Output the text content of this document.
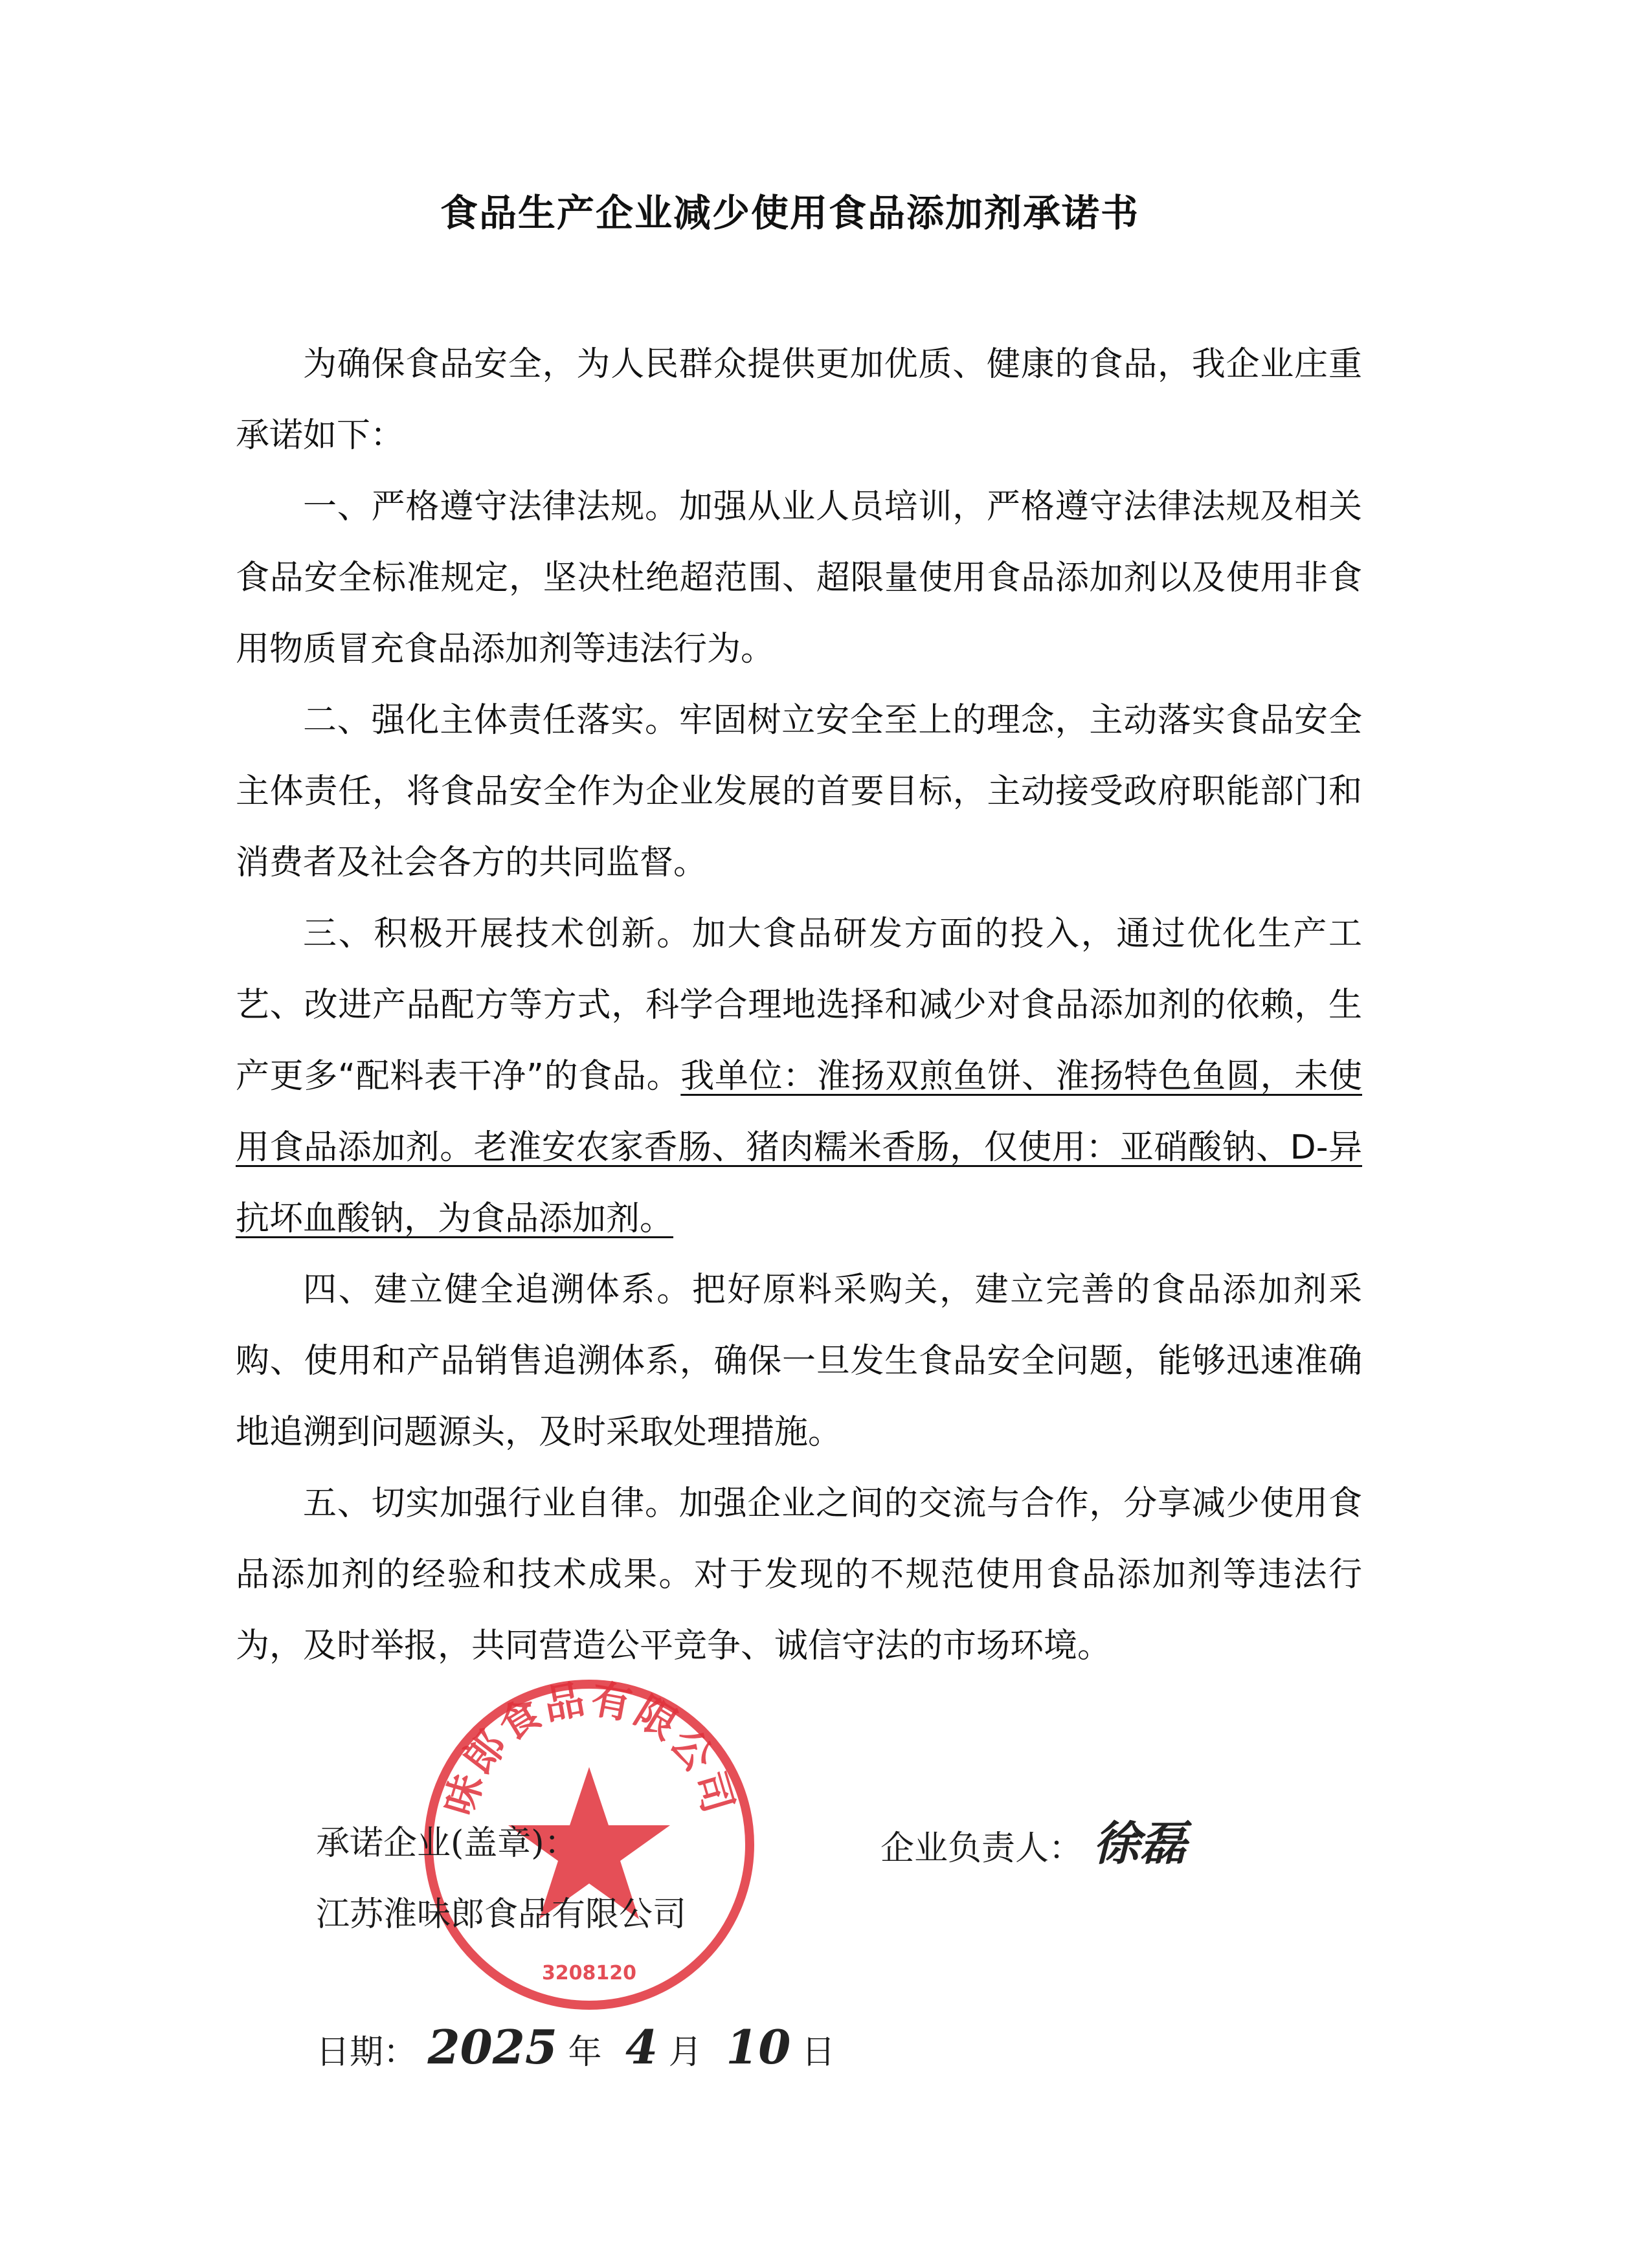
食品生产企业减少使用食品添加剂承诺书

为确保食品安全，为人民群众提供更加优质、健康的食品，我企业庄重承诺如下：

一、严格遵守法律法规。加强从业人员培训，严格遵守法律法规及相关食品安全标准规定，坚决杜绝超范围、超限量使用食品添加剂以及使用非食用物质冒充食品添加剂等违法行为。

二、强化主体责任落实。牢固树立安全至上的理念，主动落实食品安全主体责任，将食品安全作为企业发展的首要目标，主动接受政府职能部门和消费者及社会各方的共同监督。

三、积极开展技术创新。加大食品研发方面的投入，通过优化生产工艺、改进产品配方等方式，科学合理地选择和减少对食品添加剂的依赖，生产更多“配料表干净”的食品。我单位：淮扬双煎鱼饼、淮扬特色鱼圆，未使用食品添加剂。老淮安农家香肠、猪肉糯米香肠，仅使用：亚硝酸钠、D-异抗坏血酸钠，为食品添加剂。

四、建立健全追溯体系。把好原料采购关，建立完善的食品添加剂采购、使用和产品销售追溯体系，确保一旦发生食品安全问题，能够迅速准确地追溯到问题源头，及时采取处理措施。

五、切实加强行业自律。加强企业之间的交流与合作，分享减少使用食品添加剂的经验和技术成果。对于发现的不规范使用食品添加剂等违法行为，及时举报，共同营造公平竞争、诚信守法的市场环境。

味郎食品有限公司
3208120
承诺企业(盖章)：
江苏淮味郎食品有限公司
企业负责人： 徐磊
日期： 2025 年 4 月 10 日
